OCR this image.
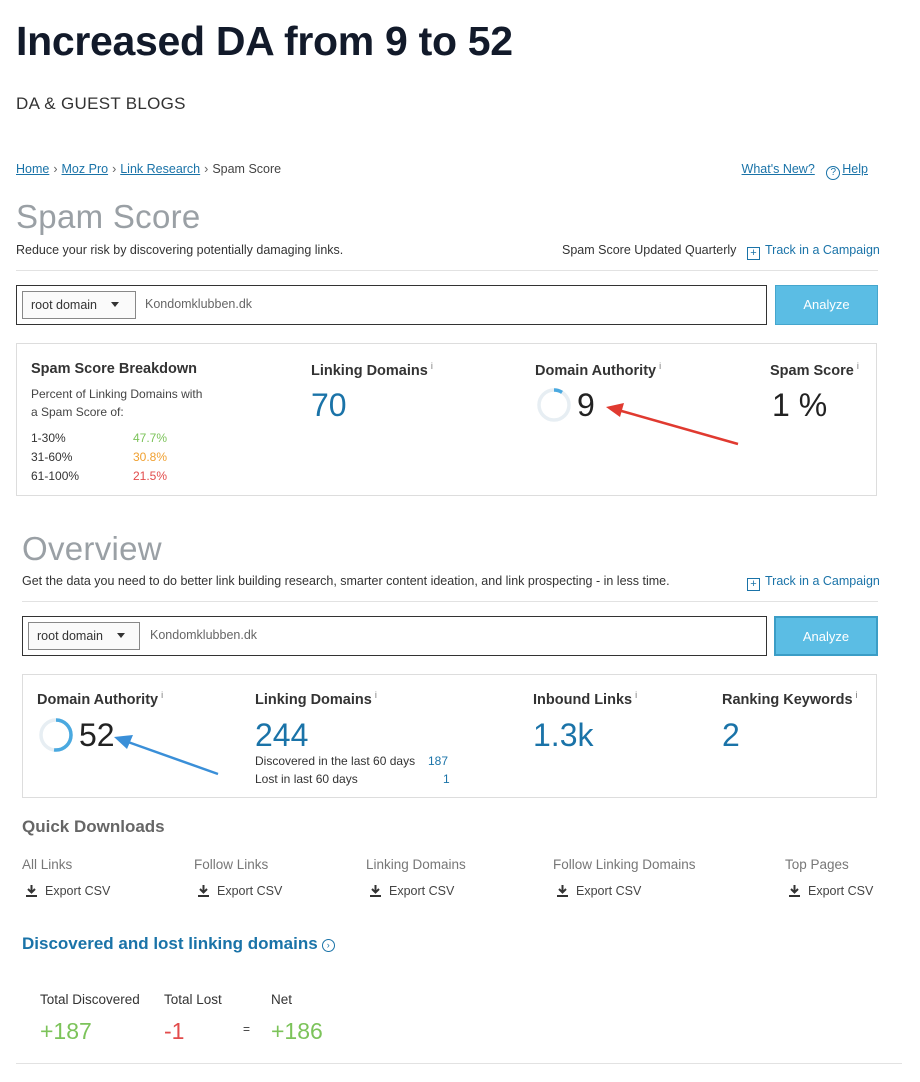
Increased DA from 9 to 52
DA & GUEST BLOGS
Home › Moz Pro › Link Research › Spam Score	What's New? ? Help
Spam Score
Reduce your risk by discovering potentially damaging links.	Spam Score Updated Quarterly + Track in a Campaign
root domain	Kondomklubben.dk	Analyze
Spam Score Breakdown
Percent of Linking Domains with
a Spam Score of:
1-30%	47.7%
31-60%	30.8%
61-100%	21.5%
Linking Domains $^i$
70
Domain Authority $^i$
9
Spam Score $^i$
1 %
Overview
Get the data you need to do better link building research, smarter content ideation, and link prospecting - in less time.	+ Track in a Campaign
root domain	Kondomklubben.dk	Analyze
Domain Authority $^i$
52
Linking Domains $^i$
244
Discovered in the last 60 days 187
Lost in last 60 days	1
Inbound Links $^i$
1.3k
Ranking Keywords $^i$
2
Quick Downloads
All Links
Export CSV
Follow Links
Export CSV
Linking Domains
Export CSV
Follow Linking Domains
Export CSV
Top Pages
Export CSV
Discovered and lost linking domains ›
Total Discovered
+187
Total Lost
-1	=
Net
+186
